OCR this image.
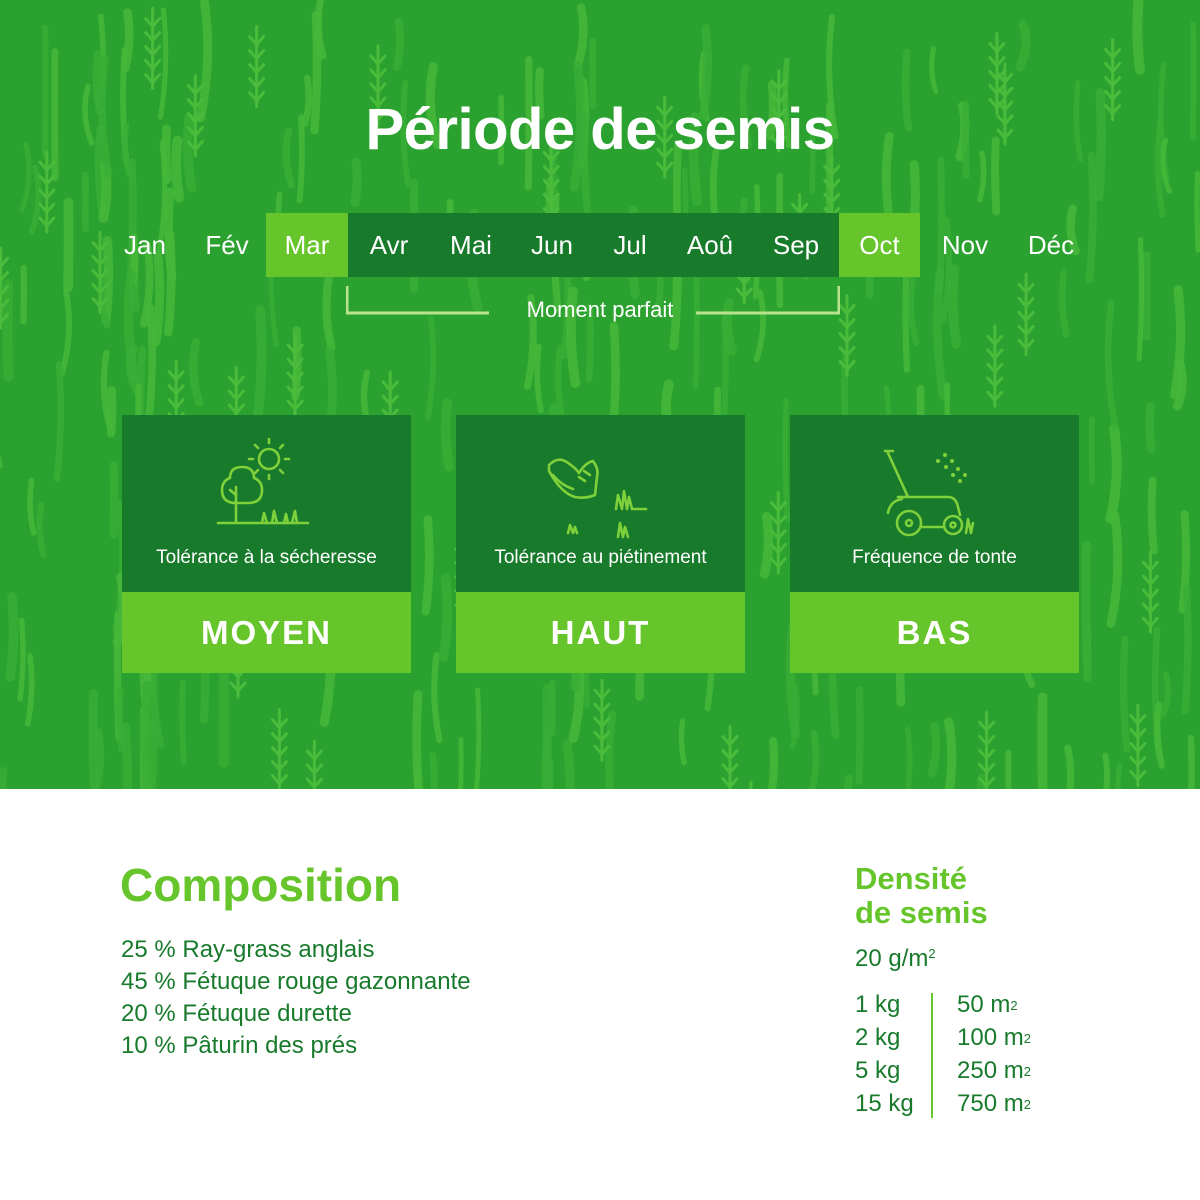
Période de semis
Jan	Fév	Mar	Avr	Mai	Jun	Jul	Aoû	Sep	Oct	Nov	Déc
Moment parfait
Tolérance à la sécheresse
MOYEN
Tolérance au piétinement
HAUT
Fréquence de tonte
BAS
Composition
25 % Ray-grass anglais
45 % Fétuque rouge gazonnante
20 % Fétuque durette
10 % Pâturin des prés
Densité
de semis
20 $g/m^2$
1 kg 50 $m^2$
2 kg 100 $m^2$
5 kg 250 $m^2$
15 kg 750 $m^2$
